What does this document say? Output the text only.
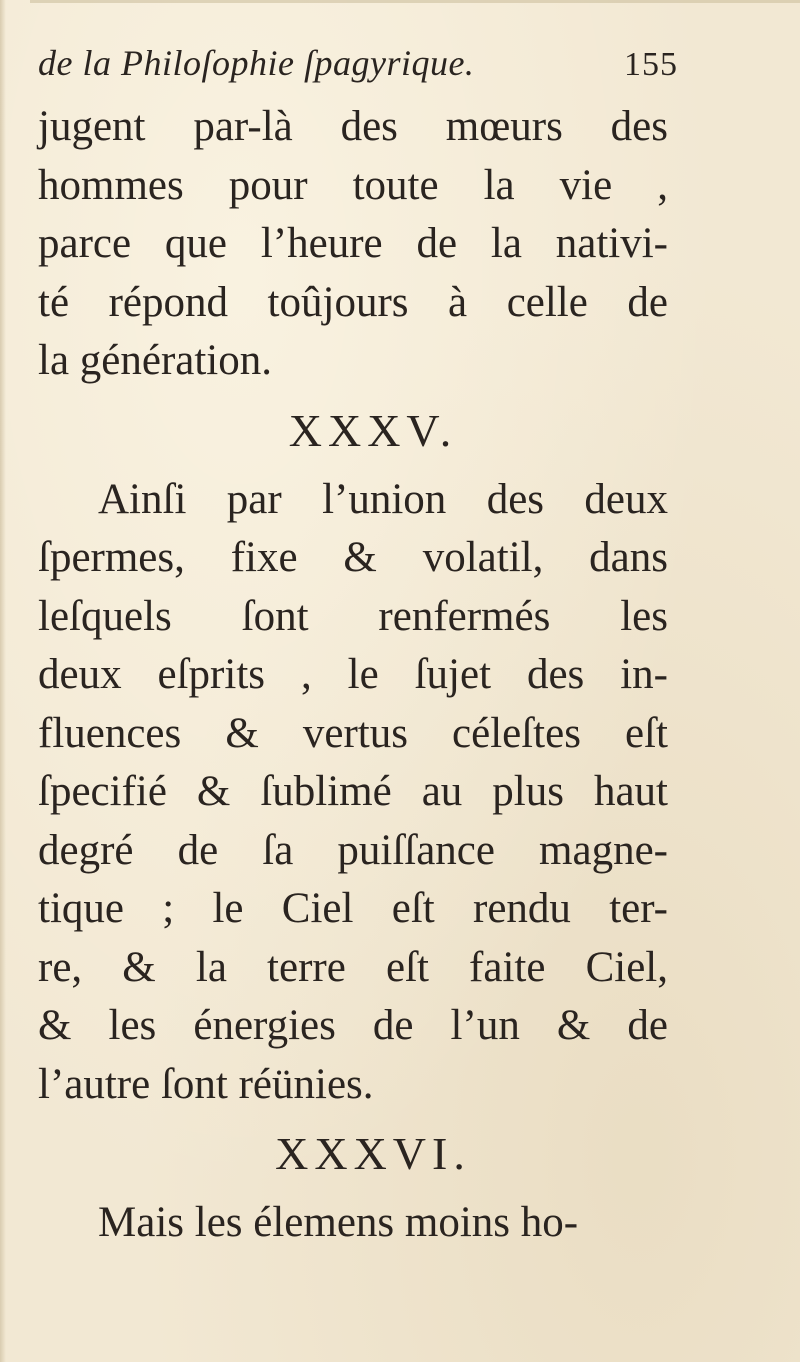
de la Philoſophie ſpagyrique.	155
jugent par-là des mœurs des
hommes pour toute la vie ,
parce que l’heure de la nativi-
té répond toûjours à celle de
la génération.
XXXV.
Ainſi par l’union des deux
ſpermes, fixe & volatil, dans
leſquels ſont renfermés les
deux eſprits , le ſujet des in-
fluences & vertus céleſtes eſt
ſpecifié & ſublimé au plus haut
degré de ſa puiſſance magne-
tique ; le Ciel eſt rendu ter-
re, & la terre eſt faite Ciel,
& les énergies de l’un & de
l’autre ſont réünies.
XXXVI.
Mais les élemens moins ho-
